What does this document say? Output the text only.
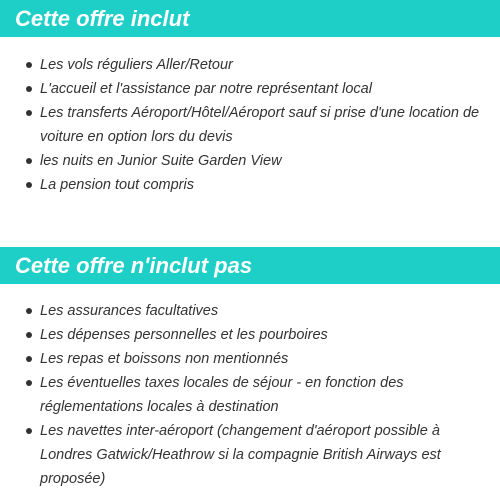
Cette offre inclut
Les vols réguliers Aller/Retour
L'accueil et l'assistance par notre représentant local
Les transferts Aéroport/Hôtel/Aéroport sauf si prise d'une location de voiture en option lors du devis
les nuits en Junior Suite Garden View
La pension tout compris
Cette offre n'inclut pas
Les assurances facultatives
Les dépenses personnelles et les pourboires
Les repas et boissons non mentionnés
Les éventuelles taxes locales de séjour - en fonction des réglementations locales à destination
Les navettes inter-aéroport (changement d'aéroport possible à Londres Gatwick/Heathrow si la compagnie British Airways est proposée)
